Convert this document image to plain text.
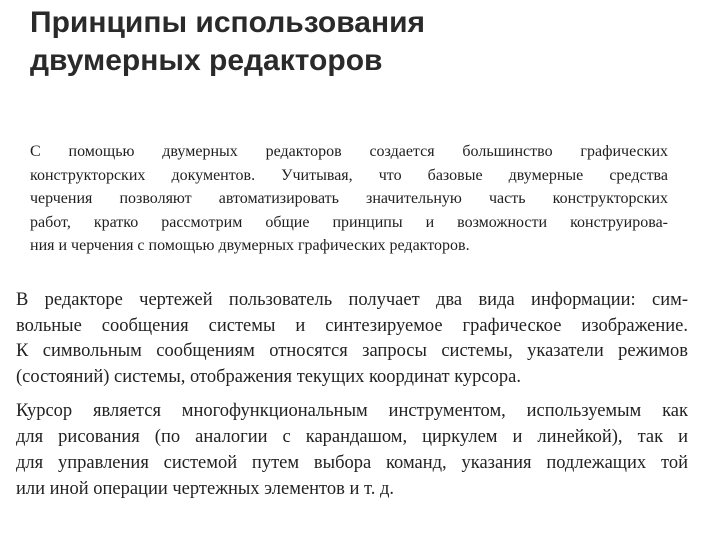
Принципы использования
двумерных редакторов
С помощью двумерных редакторов создается большинство графических
конструкторских документов. Учитывая, что базовые двумерные средства
черчения позволяют автоматизировать значительную часть конструкторских
работ, кратко рассмотрим общие принципы и возможности конструирова-
ния и черчения с помощью двумерных графических редакторов.
В редакторе чертежей пользователь получает два вида информации: сим-
вольные сообщения системы и синтезируемое графическое изображение.
К символьным сообщениям относятся запросы системы, указатели режимов
(состояний) системы, отображения текущих координат курсора.
Курсор является многофункциональным инструментом, используемым как
для рисования (по аналогии с карандашом, циркулем и линейкой), так и
для управления системой путем выбора команд, указания подлежащих той
или иной операции чертежных элементов и т. д.
